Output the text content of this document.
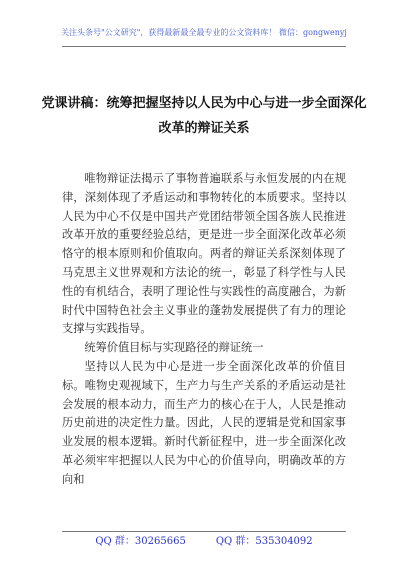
关注头条号"公文研究"，获得最新最全最专业的公文资料库！ 微信：gongwenyj
党课讲稿：统筹把握坚持以人民为中心与进一步全面深化
改革的辩证关系

唯物辩证法揭示了事物普遍联系与永恒发展的内在规律，深刻体现了矛盾运动和事物转化的本质要求。坚持以人民为中心不仅是中国共产党团结带领全国各族人民推进改革开放的重要经验总结，更是进一步全面深化改革必须恪守的根本原则和价值取向。两者的辩证关系深刻体现了马克思主义世界观和方法论的统一，彰显了科学性与人民性的有机结合，表明了理论性与实践性的高度融合，为新时代中国特色社会主义事业的蓬勃发展提供了有力的理论支撑与实践指导。

统筹价值目标与实现路径的辩证统一

坚持以人民为中心是进一步全面深化改革的价值目标。唯物史观视域下，生产力与生产关系的矛盾运动是社会发展的根本动力，而生产力的核心在于人，人民是推动历史前进的决定性力量。因此，人民的逻辑是党和国家事业发展的根本逻辑。新时代新征程中，进一步全面深化改革必须牢牢把握以人民为中心的价值导向，明确改革的方向和

QQ 群：30265665	QQ 群：535304092
